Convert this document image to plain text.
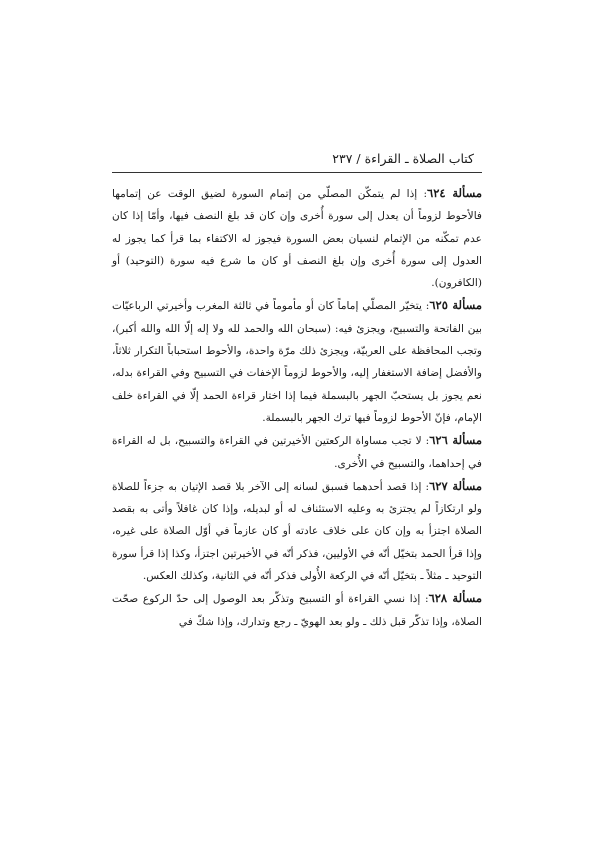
كتاب الصلاة ـ القراءة / ٢٣٧

مسألة ٦٢٤: إذا لم يتمكّن المصلّي من إتمام السورة لضيق الوقت عن إتمامها فالأحوط لزوماً أن يعدل إلى سورة أُخرى وإن كان قد بلغ النصف فيها، وأمّا إذا كان عدم تمكّنه من الإتمام لنسيان بعض السورة فيجوز له الاكتفاء بما قرأ كما يجوز له العدول إلى سورة أُخرى وإن بلغ النصف أو كان ما شرع فيه سورة (التوحيد) أو (الكافرون).

مسألة ٦٢٥: يتخيّر المصلّي إماماً كان أو مأموماً في ثالثة المغرب وأخيرتي الرباعيّات بين الفاتحة والتسبيح، ويجزئ فيه: (سبحان الله والحمد لله ولا إله إلّا الله والله أكبر)، وتجب المحافظة على العربيّة، ويجزئ ذلك مرّة واحدة، والأحوط استحباباً التكرار ثلاثاً، والأفضل إضافة الاستغفار إليه، والأحوط لزوماً الإخفات في التسبيح وفي القراءة بدله، نعم يجوز بل يستحبّ الجهر بالبسملة فيما إذا اختار قراءة الحمد إلّا في القراءة خلف الإمام، فإنّ الأحوط لزوماً فيها ترك الجهر بالبسملة.

مسألة ٦٢٦: لا تجب مساواة الركعتين الأخيرتين في القراءة والتسبيح، بل له القراءة في إحداهما، والتسبيح في الأُخرى.

مسألة ٦٢٧: إذا قصد أحدهما فسبق لسانه إلى الآخر بلا قصد الإتيان به جزءاً للصلاة ولو ارتكازاً لم يجتزئ به وعليه الاستئناف له أو لبديله، وإذا كان غافلاً وأتى به بقصد الصلاة اجتزأ به وإن كان على خلاف عادته أو كان عازماً في أوّل الصلاة على غيره، وإذا قرأ الحمد بتخيّل أنّه في الأوليين، فذكر أنّه في الأخيرتين اجتزأ، وكذا إذا قرأ سورة التوحيد ـ مثلاً ـ بتخيّل أنّه في الركعة الأُولى فذكر أنّه في الثانية، وكذلك العكس.

مسألة ٦٢٨: إذا نسي القراءة أو التسبيح وتذكّر بعد الوصول إلى حدّ الركوع صحّت الصلاة، وإذا تذكّر قبل ذلك ـ ولو بعد الهويّ ـ رجع وتدارك، وإذا شكّ في
